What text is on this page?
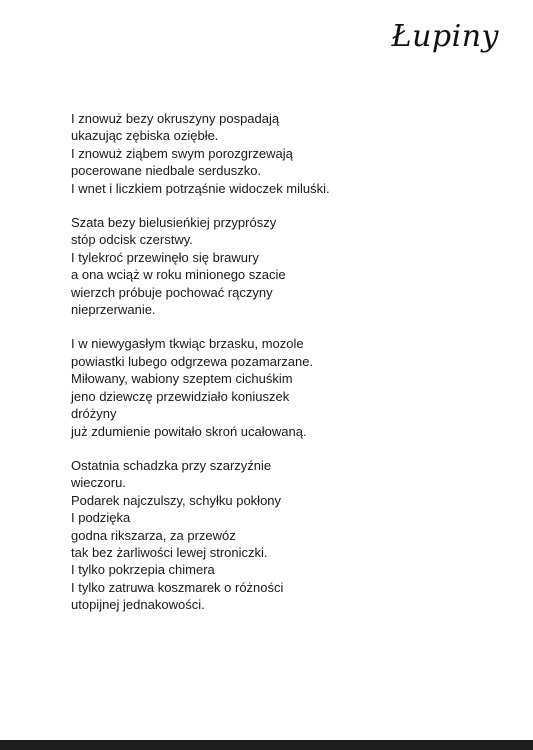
Łupiny
I znowuż bezy okruszyny pospadają
ukazując zębiska oziębłe.
I znowuż ziąbem swym porozgrzewają
pocerowane niedbale serduszko.
I wnet i liczkiem potrząśnie widoczek miluśki.
Szata bezy bielusieńkiej przyprószy
stóp odcisk czerstwy.
I tylekroć przewinęło się brawury
a ona wciąż w roku minionego szacie
wierzch próbuje pochować rączyny
nieprzerwanie.
I w niewygasłym tkwiąc brzasku, mozole
powiastki lubego odgrzewa pozamarzane.
Miłowany, wabiony szeptem cichuśkim
jeno dziewczę przewidziało koniuszek
dróżyny
już zdumienie powitało skroń ucałowaną.
Ostatnia schadzka przy szarzyźnie
wieczoru.
Podarek najczulszy, schyłku pokłony
I podzięka
godna rikszarza, za przewóz
tak bez żarliwości lewej stroniczki.
I tylko pokrzepia chimera
I tylko zatruwa koszmarek o różności
utopijnej jednakowości.
